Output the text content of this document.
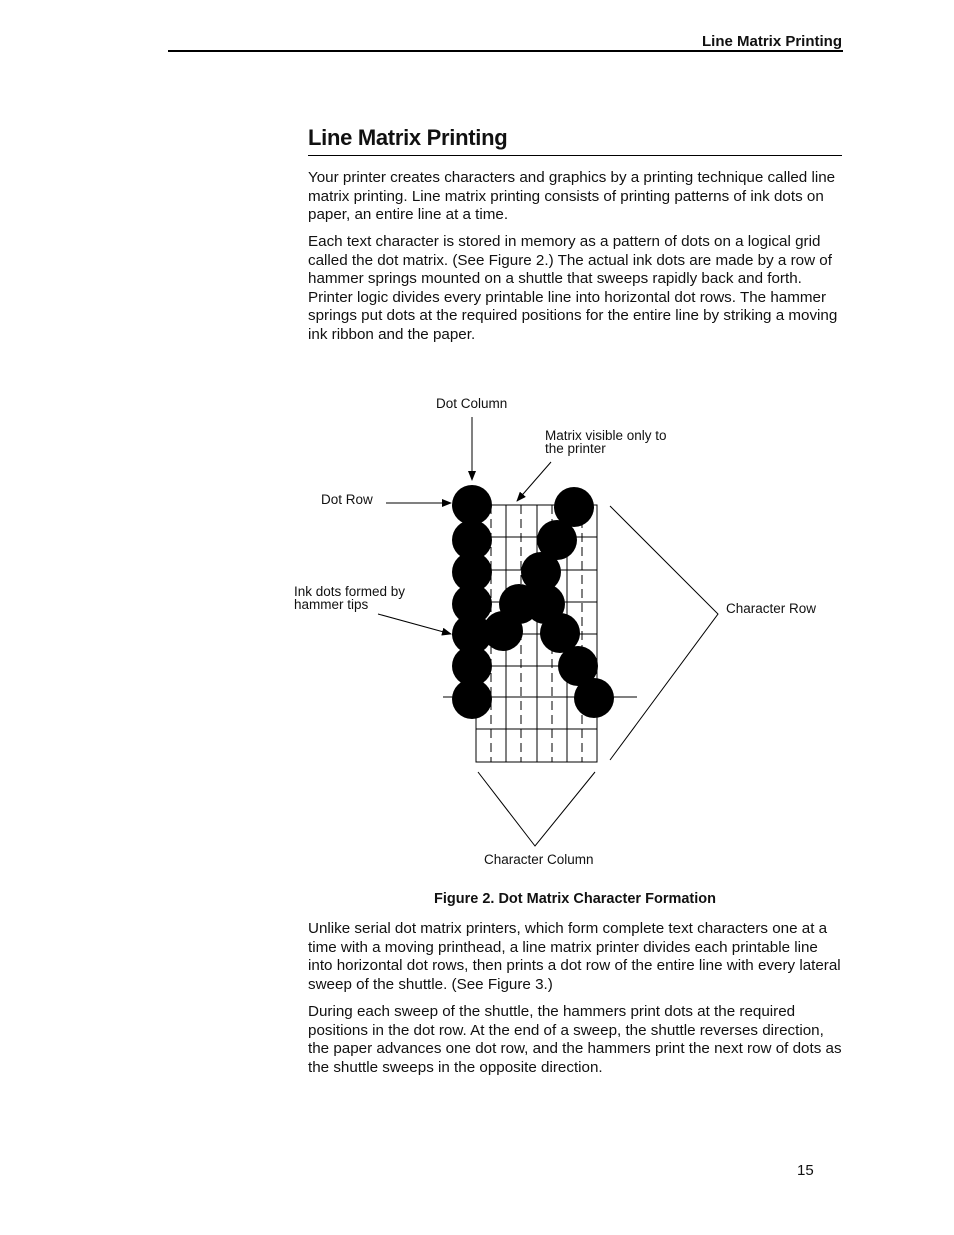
Line Matrix Printing
Line Matrix Printing

Your printer creates characters and graphics by a printing technique called line matrix printing. Line matrix printing consists of printing patterns of ink dots on paper, an entire line at a time.

Each text character is stored in memory as a pattern of dots on a logical grid called the dot matrix. (See Figure 2.) The actual ink dots are made by a row of hammer springs mounted on a shuttle that sweeps rapidly back and forth. Printer logic divides every printable line into horizontal dot rows. The hammer springs put dots at the required positions for the entire line by striking a moving ink ribbon and the paper.

Dot Column
Matrix visible only to
the printer
Dot Row
Ink dots formed by
hammer tips	Character Row
Character Column
Figure 2. Dot Matrix Character Formation

Unlike serial dot matrix printers, which form complete text characters one at a time with a moving printhead, a line matrix printer divides each printable line into horizontal dot rows, then prints a dot row of the entire line with every lateral sweep of the shuttle. (See Figure 3.)

During each sweep of the shuttle, the hammers print dots at the required positions in the dot row. At the end of a sweep, the shuttle reverses direction, the paper advances one dot row, and the hammers print the next row of dots as the shuttle sweeps in the opposite direction.

15
